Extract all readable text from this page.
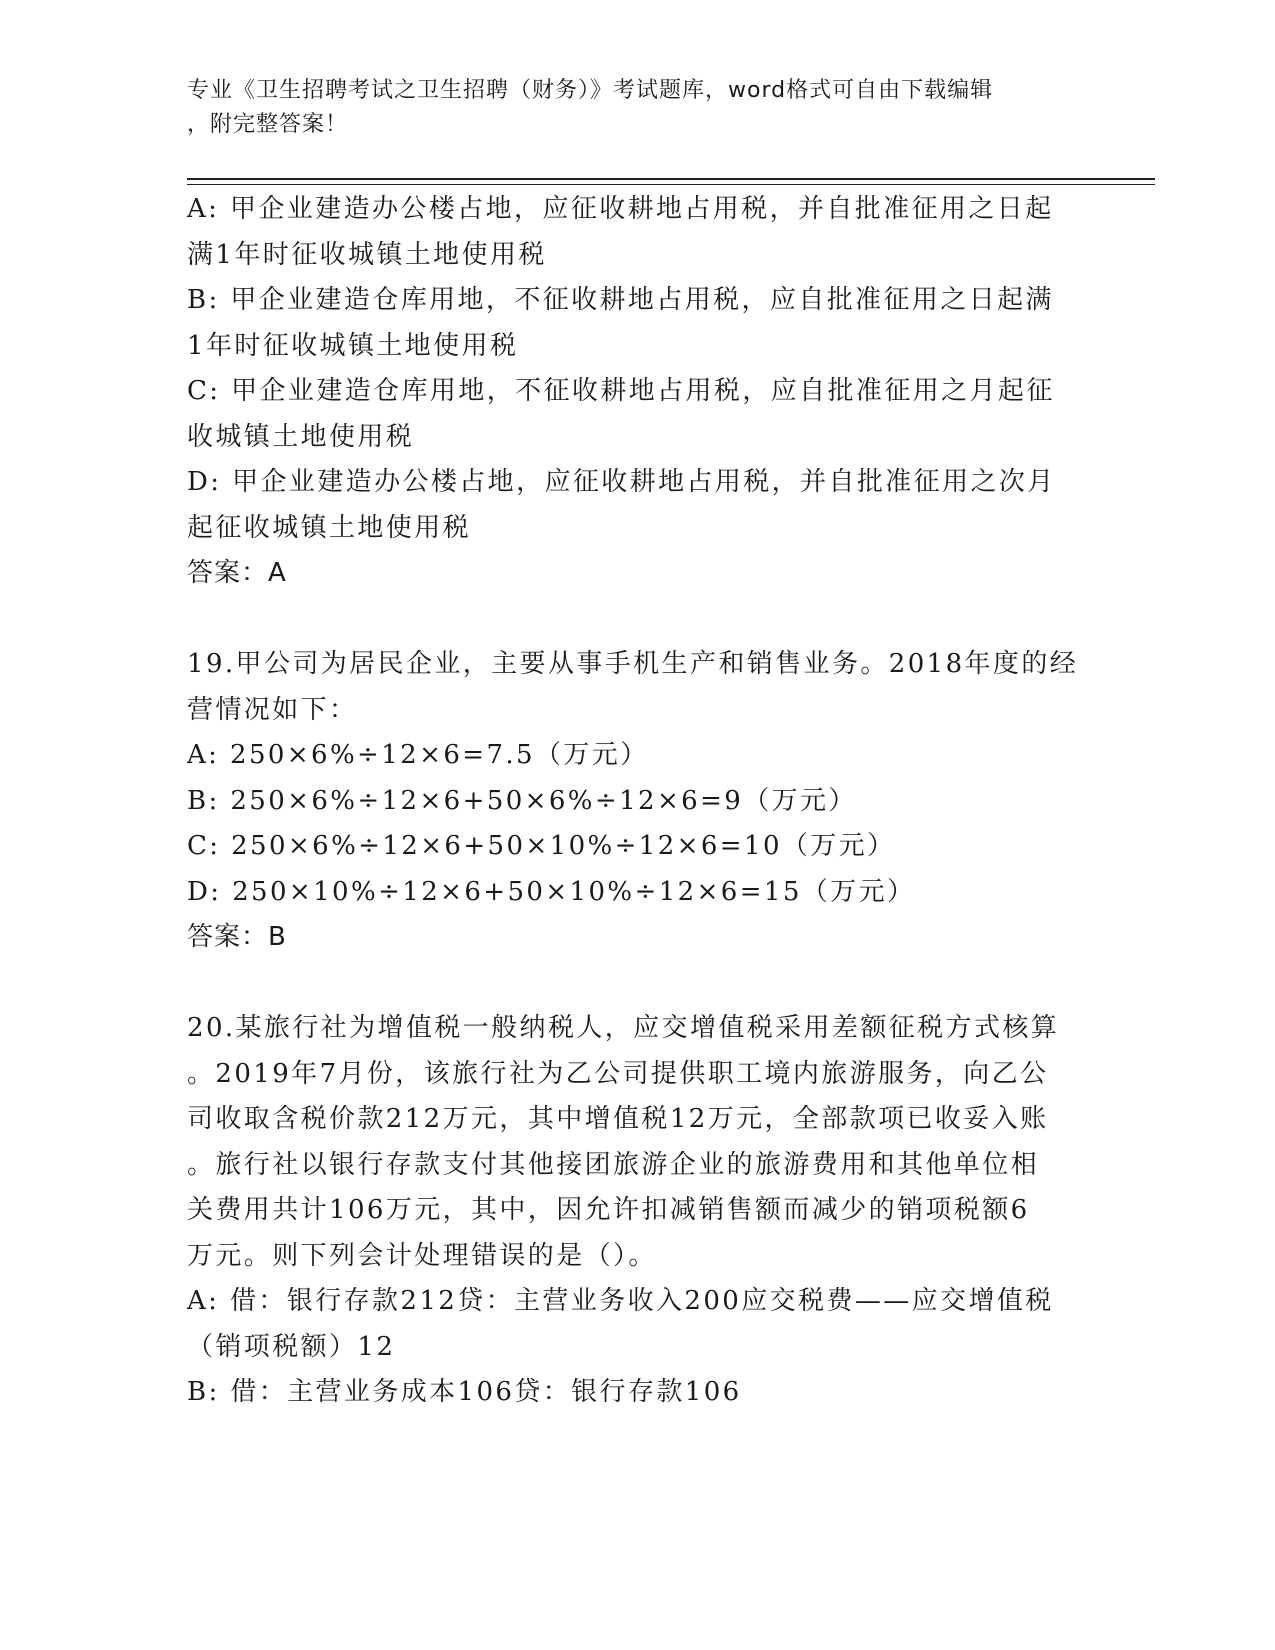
专业《卫生招聘考试之卫生招聘（财务）》考试题库，word格式可自由下载编辑
，附完整答案！

A: 甲企业建造办公楼占地，应征收耕地占用税，并自批准征用之日起

满1年时征收城镇土地使用税

B: 甲企业建造仓库用地，不征收耕地占用税，应自批准征用之日起满

1年时征收城镇土地使用税

C: 甲企业建造仓库用地，不征收耕地占用税，应自批准征用之月起征

收城镇土地使用税

D: 甲企业建造办公楼占地，应征收耕地占用税，并自批准征用之次月

起征收城镇土地使用税

答案：A

19.甲公司为居民企业，主要从事手机生产和销售业务。2018年度的经

营情况如下：

A: 250×6%÷12×6=7.5（万元）

B: 250×6%÷12×6+50×6%÷12×6=9（万元）

C: 250×6%÷12×6+50×10%÷12×6=10（万元）

D: 250×10%÷12×6+50×10%÷12×6=15（万元）

答案：B

20.某旅行社为增值税一般纳税人，应交增值税采用差额征税方式核算

。2019年7月份，该旅行社为乙公司提供职工境内旅游服务，向乙公

司收取含税价款212万元，其中增值税12万元，全部款项已收妥入账

。旅行社以银行存款支付其他接团旅游企业的旅游费用和其他单位相

关费用共计106万元，其中，因允许扣减销售额而减少的销项税额6

万元。则下列会计处理错误的是（）。

A: 借：银行存款212贷：主营业务收入200应交税费——应交增值税

（销项税额）12

B: 借：主营业务成本106贷：银行存款106
